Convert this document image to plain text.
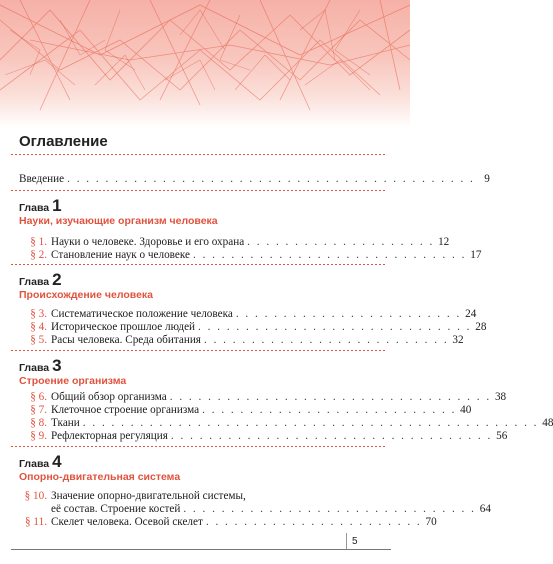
Оглавление
Введение . . . . . . . . . . . . . . . . . . . . . . . . . . . . . . . . . . . . . . . . . . . 9
Глава 1
Науки, изучающие организм человека
§ 1. Науки о человеке. Здоровье и его охрана . . . . . . . . . . . . . . . . . . . . 12
§ 2. Становление наук о человеке . . . . . . . . . . . . . . . . . . . . . . . . . . . . . 17
Глава 2
Происхождение человека
§ 3. Систематическое положение человека . . . . . . . . . . . . . . . . . . . . . . . . 24
§ 4. Историческое прошлое людей . . . . . . . . . . . . . . . . . . . . . . . . . . . . . 28
§ 5. Расы человека. Среда обитания . . . . . . . . . . . . . . . . . . . . . . . . . . 32
Глава 3
Строение организма
§ 6. Общий обзор организма . . . . . . . . . . . . . . . . . . . . . . . . . . . . . . . . . . 38
§ 7. Клеточное строение организма . . . . . . . . . . . . . . . . . . . . . . . . . . . 40
§ 8. Ткани . . . . . . . . . . . . . . . . . . . . . . . . . . . . . . . . . . . . . . . . . . . . . . . . 48
§ 9. Рефлекторная регуляция . . . . . . . . . . . . . . . . . . . . . . . . . . . . . . . . . . 56
Глава 4
Опорно-двигательная система
§ 10. Значение опорно-двигательной системы,
её состав. Строение костей . . . . . . . . . . . . . . . . . . . . . . . . . . . . . . . 64
§ 11. Скелет человека. Осевой скелет . . . . . . . . . . . . . . . . . . . . . . . 70
5
